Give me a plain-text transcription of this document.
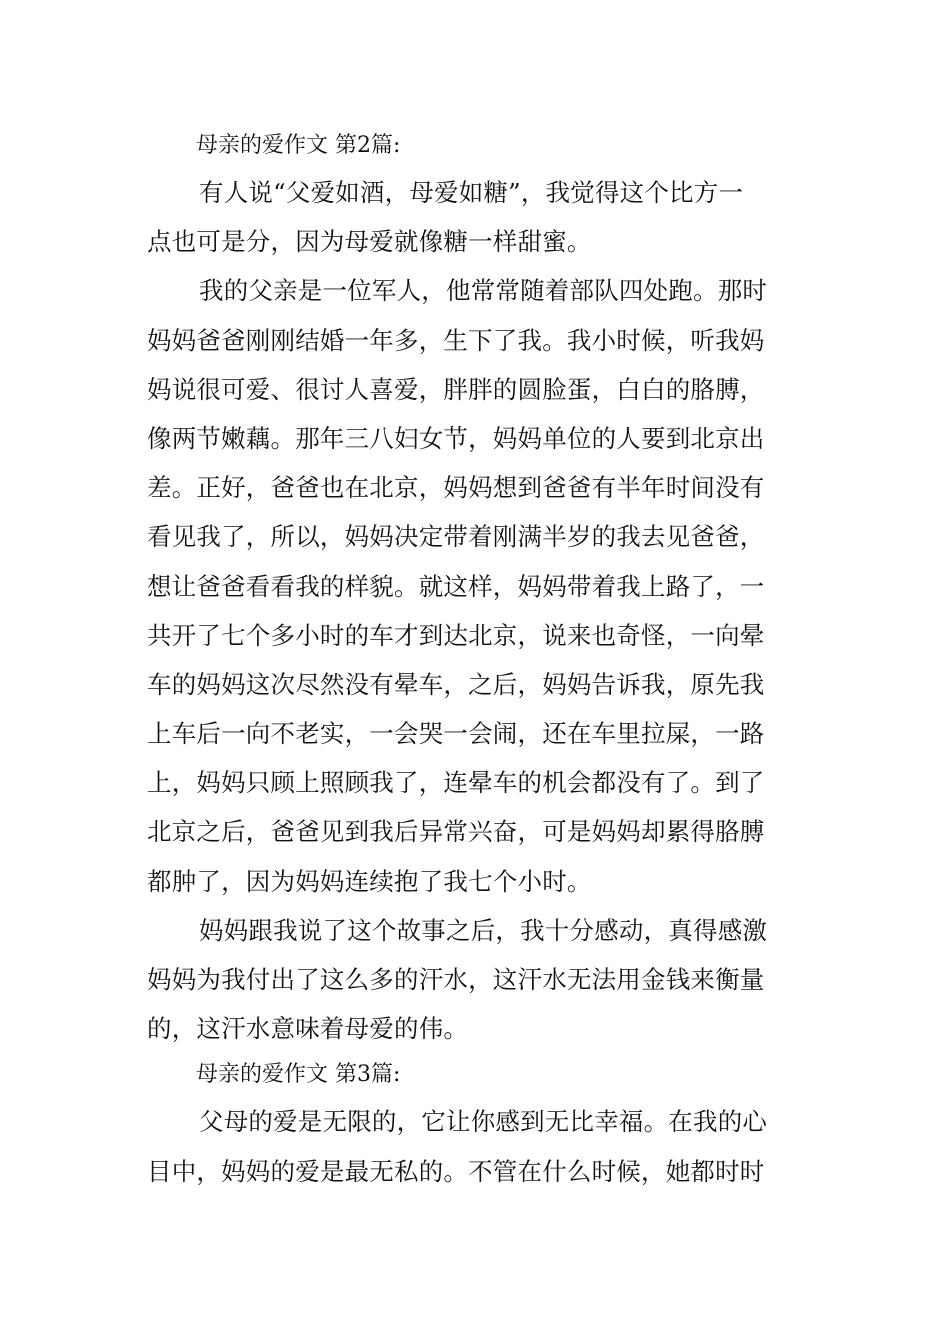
母亲的爱作文 第2篇:
有人说“父爱如酒，母爱如糖”，我觉得这个比方一
点也可是分，因为母爱就像糖一样甜蜜。
我的父亲是一位军人，他常常随着部队四处跑。那时
妈妈爸爸刚刚结婚一年多，生下了我。我小时候，听我妈
妈说很可爱、很讨人喜爱，胖胖的圆脸蛋，白白的胳膊，
像两节嫩藕。那年三八妇女节，妈妈单位的人要到北京出
差。正好，爸爸也在北京，妈妈想到爸爸有半年时间没有
看见我了，所以，妈妈决定带着刚满半岁的我去见爸爸，
想让爸爸看看我的样貌。就这样，妈妈带着我上路了，一
共开了七个多小时的车才到达北京，说来也奇怪，一向晕
车的妈妈这次尽然没有晕车，之后，妈妈告诉我，原先我
上车后一向不老实，一会哭一会闹，还在车里拉屎，一路
上，妈妈只顾上照顾我了，连晕车的机会都没有了。到了
北京之后，爸爸见到我后异常兴奋，可是妈妈却累得胳膊
都肿了，因为妈妈连续抱了我七个小时。
妈妈跟我说了这个故事之后，我十分感动，真得感激
妈妈为我付出了这么多的汗水，这汗水无法用金钱来衡量
的，这汗水意味着母爱的伟。
母亲的爱作文 第3篇:
父母的爱是无限的，它让你感到无比幸福。在我的心
目中，妈妈的爱是最无私的。不管在什么时候，她都时时
